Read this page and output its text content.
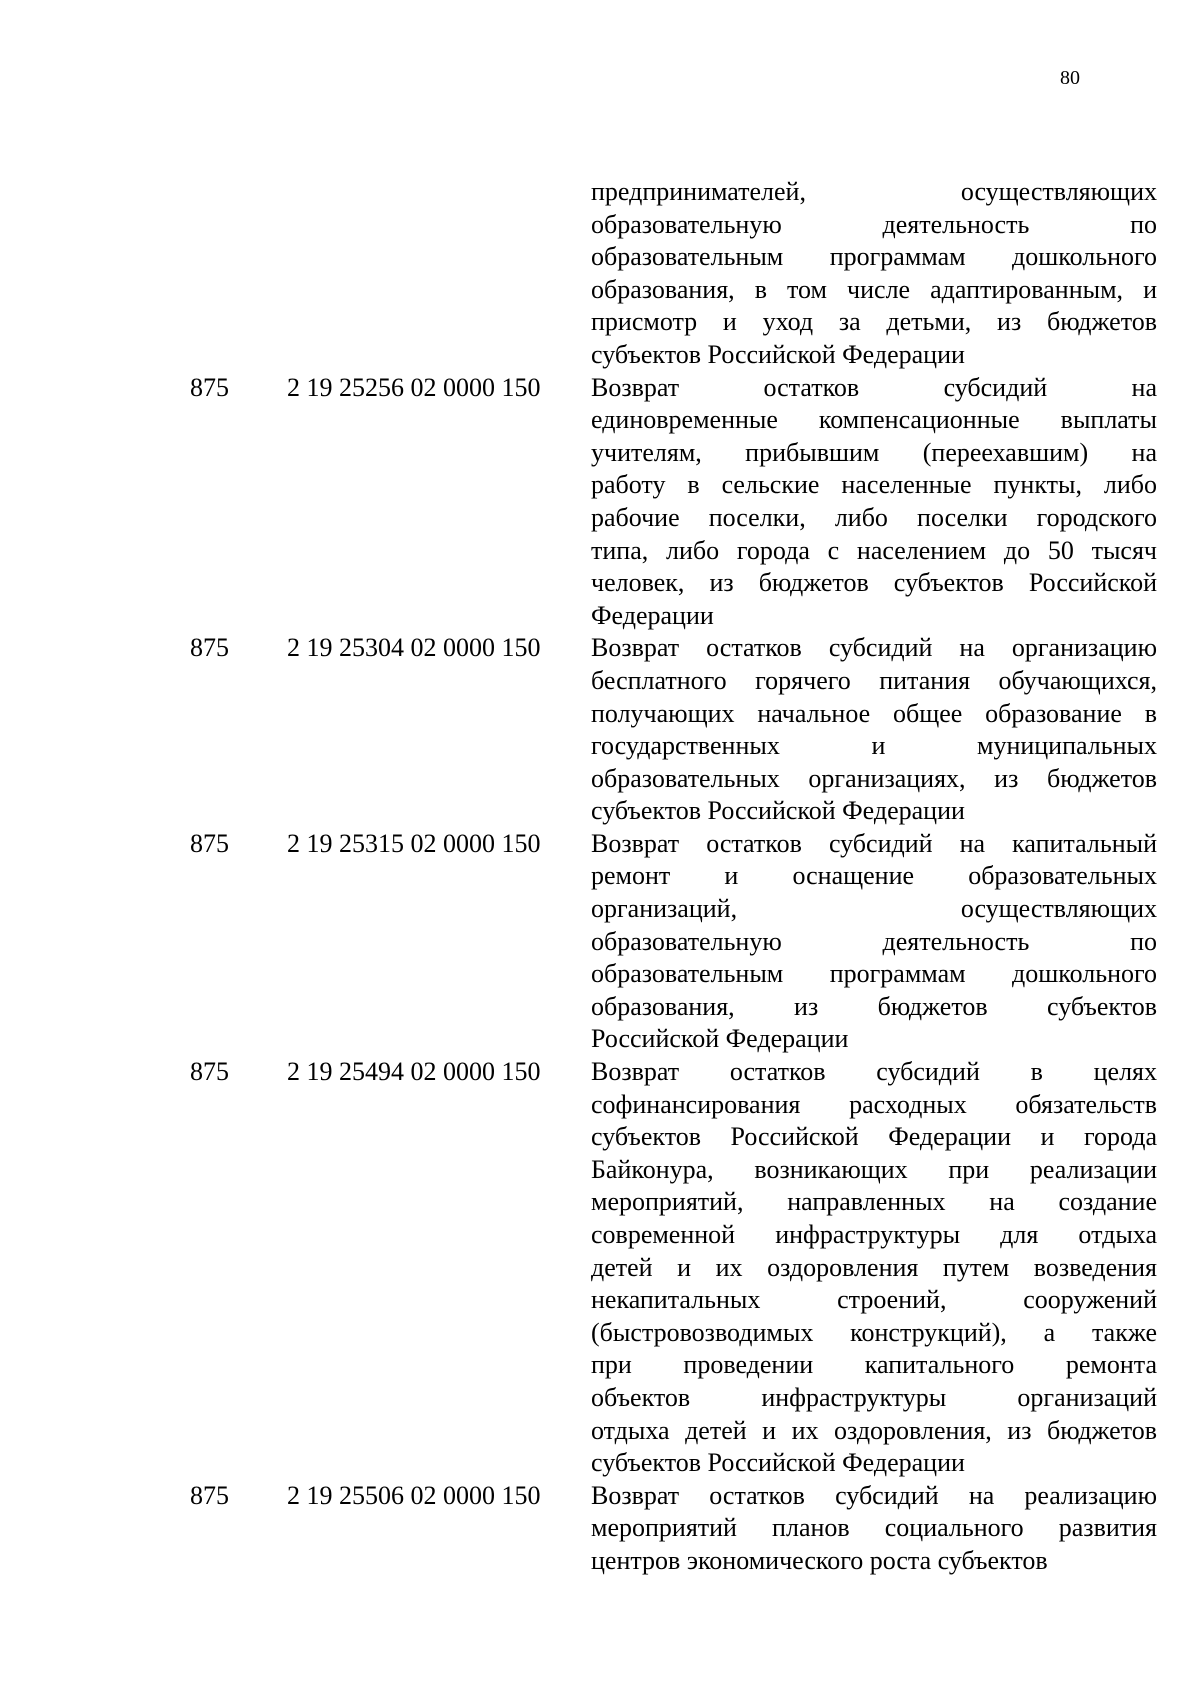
80
предпринимателей, осуществляющих
образовательную деятельность по
образовательным программам дошкольного
образования, в том числе адаптированным, и
присмотр и уход за детьми, из бюджетов
субъектов Российской Федерации
875 2 19 25256 02 0000 150 Возврат остатков субсидий на
единовременные компенсационные выплаты
учителям, прибывшим (переехавшим) на
работу в сельские населенные пункты, либо
рабочие поселки, либо поселки городского
типа, либо города с населением до 50 тысяч
человек, из бюджетов субъектов Российской
Федерации
875 2 19 25304 02 0000 150 Возврат остатков субсидий на организацию
бесплатного горячего питания обучающихся,
получающих начальное общее образование в
государственных и муниципальных
образовательных организациях, из бюджетов
субъектов Российской Федерации
875 2 19 25315 02 0000 150 Возврат остатков субсидий на капитальный
ремонт и оснащение образовательных
организаций, осуществляющих
образовательную деятельность по
образовательным программам дошкольного
образования, из бюджетов субъектов
Российской Федерации
875 2 19 25494 02 0000 150 Возврат остатков субсидий в целях
софинансирования расходных обязательств
субъектов Российской Федерации и города
Байконура, возникающих при реализации
мероприятий, направленных на создание
современной инфраструктуры для отдыха
детей и их оздоровления путем возведения
некапитальных строений, сооружений
(быстровозводимых конструкций), а также
при проведении капитального ремонта
объектов инфраструктуры организаций
отдыха детей и их оздоровления, из бюджетов
субъектов Российской Федерации
875 2 19 25506 02 0000 150 Возврат остатков субсидий на реализацию
мероприятий планов социального развития
центров экономического роста субъектов
